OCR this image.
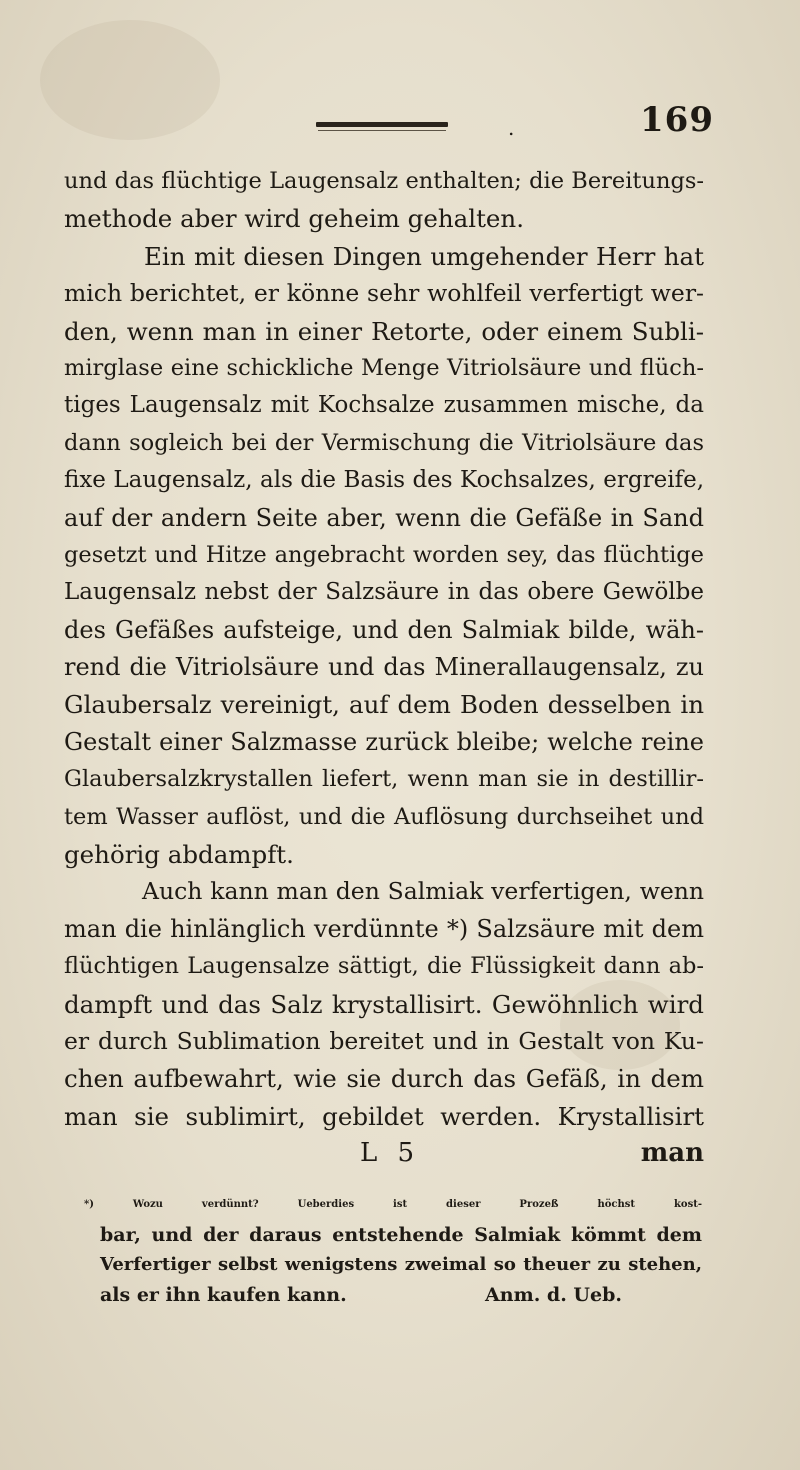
.	169
und das flüchtige Laugensalz enthalten; die Bereitungs-
methode aber wird geheim gehalten.
Ein mit diesen Dingen umgehender Herr hat
mich berichtet, er könne sehr wohlfeil verfertigt wer-
den, wenn man in einer Retorte, oder einem Subli-
mirglase eine schickliche Menge Vitriolsäure und flüch-
tiges Laugensalz mit Kochsalze zusammen mische, da
dann sogleich bei der Vermischung die Vitriolsäure das
fixe Laugensalz, als die Basis des Kochsalzes, ergreife,
auf der andern Seite aber, wenn die Gefäße in Sand
gesetzt und Hitze angebracht worden sey, das flüchtige
Laugensalz nebst der Salzsäure in das obere Gewölbe
des Gefäßes aufsteige, und den Salmiak bilde, wäh-
rend die Vitriolsäure und das Minerallaugensalz, zu
Glaubersalz vereinigt, auf dem Boden desselben in
Gestalt einer Salzmasse zurück bleibe; welche reine
Glaubersalzkrystallen liefert, wenn man sie in destillir-
tem Wasser auflöst, und die Auflösung durchseihet und
gehörig abdampft.
Auch kann man den Salmiak verfertigen, wenn
man die hinlänglich verdünnte *) Salzsäure mit dem
flüchtigen Laugensalze sättigt, die Flüssigkeit dann ab-
dampft und das Salz krystallisirt. Gewöhnlich wird
er durch Sublimation bereitet und in Gestalt von Ku-
chen aufbewahrt, wie sie durch das Gefäß, in dem
man sie sublimirt, gebildet werden. Krystallisirt
L 5	man
*) Wozu verdünnt? Ueberdies ist dieser Prozeß höchst kost-
bar, und der daraus entstehende Salmiak kömmt dem
Verfertiger selbst wenigstens zweimal so theuer zu stehen,
als er ihn kaufen kann.	Anm. d. Ueb.
